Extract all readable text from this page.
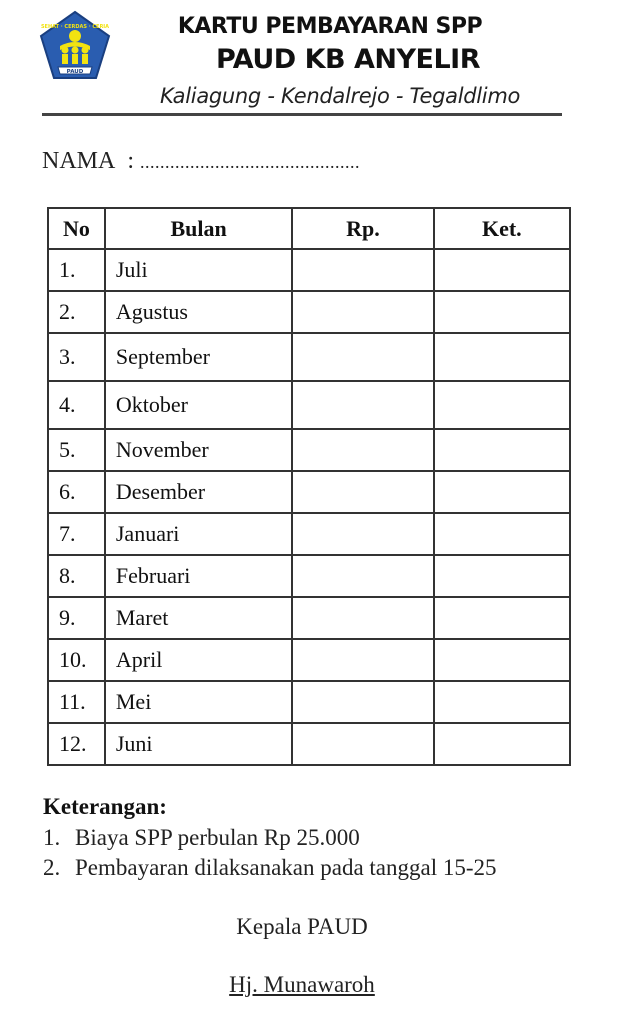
SEHAT · CERDAS · CERIA
PAUD
KARTU PEMBAYARAN SPP
PAUD KB ANYELIR
Kaliagung - Kendalrejo - Tegaldlimo
NAMA : ............................................
No	Bulan	Rp.	Ket.
1.	Juli		
2.	Agustus		
3.	September		
4.	Oktober		
5.	November		
6.	Desember		
7.	Januari		
8.	Februari		
9.	Maret		
10.	April		
11.	Mei		
12.	Juni		
Keterangan:
1. Biaya SPP perbulan Rp 25.000
2. Pembayaran dilaksanakan pada tanggal 15-25
Kepala PAUD
Hj. Munawaroh
